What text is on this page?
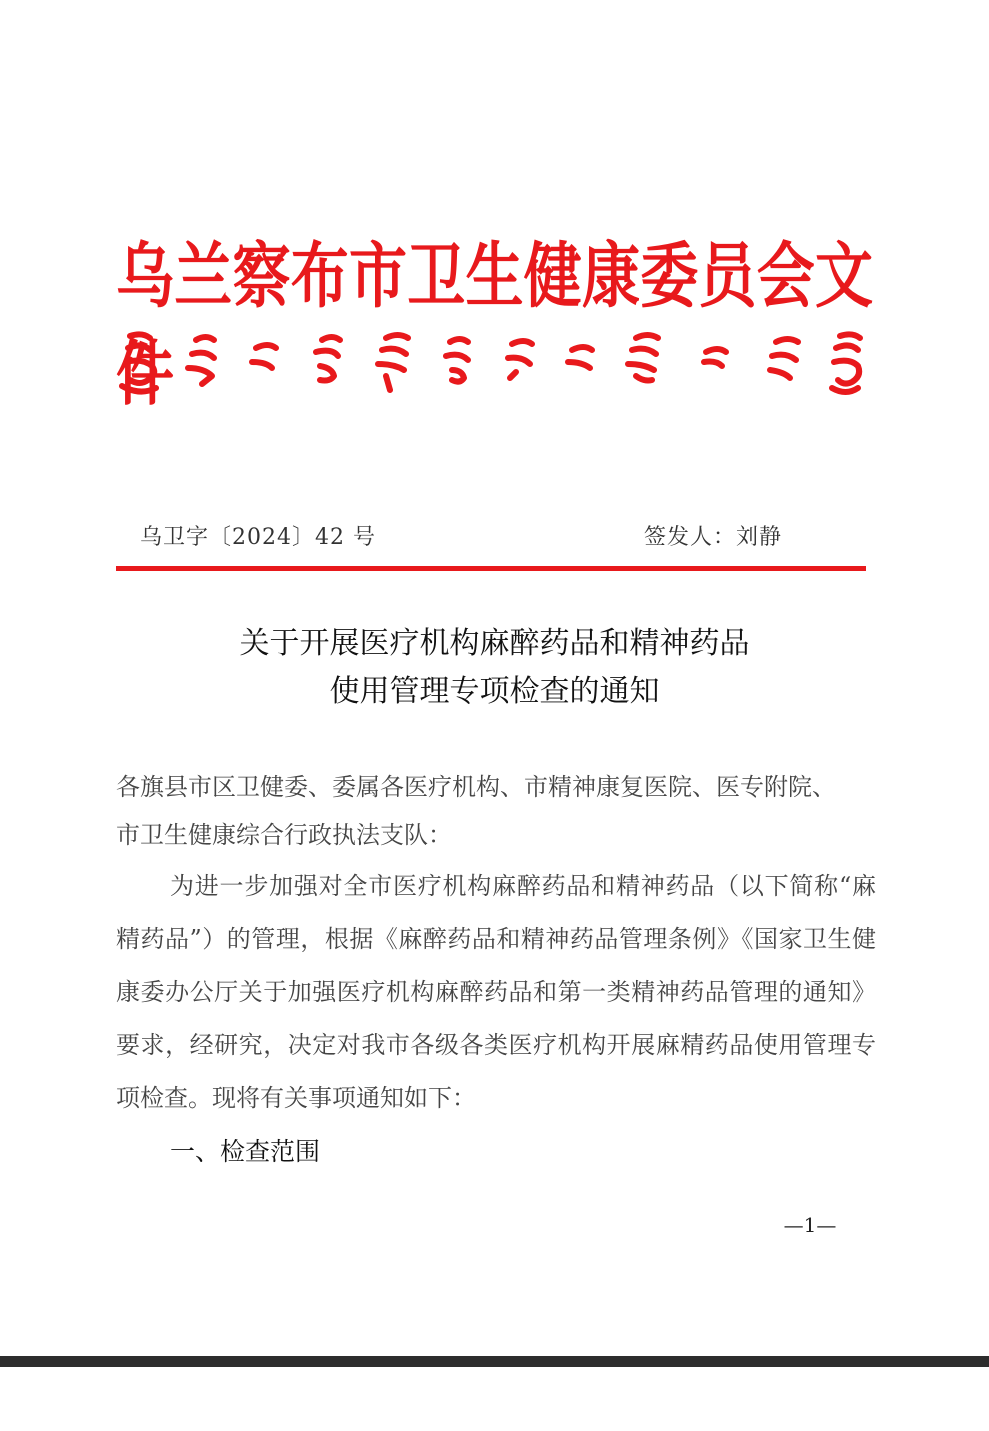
乌兰察布市卫生健康委员会文件
乌卫字〔2024〕42 号	签发人：刘静
关于开展医疗机构麻醉药品和精神药品
使用管理专项检查的通知
各旗县市区卫健委、委属各医疗机构、市精神康复医院、医专附院、
市卫生健康综合行政执法支队：

为进一步加强对全市医疗机构麻醉药品和精神药品（以下简称“麻精药品”）的管理，根据《麻醉药品和精神药品管理条例》《国家卫生健康委办公厅关于加强医疗机构麻醉药品和第一类精神药品管理的通知》要求，经研究，决定对我市各级各类医疗机构开展麻精药品使用管理专项检查。现将有关事项通知如下：

一、检查范围
—1—
